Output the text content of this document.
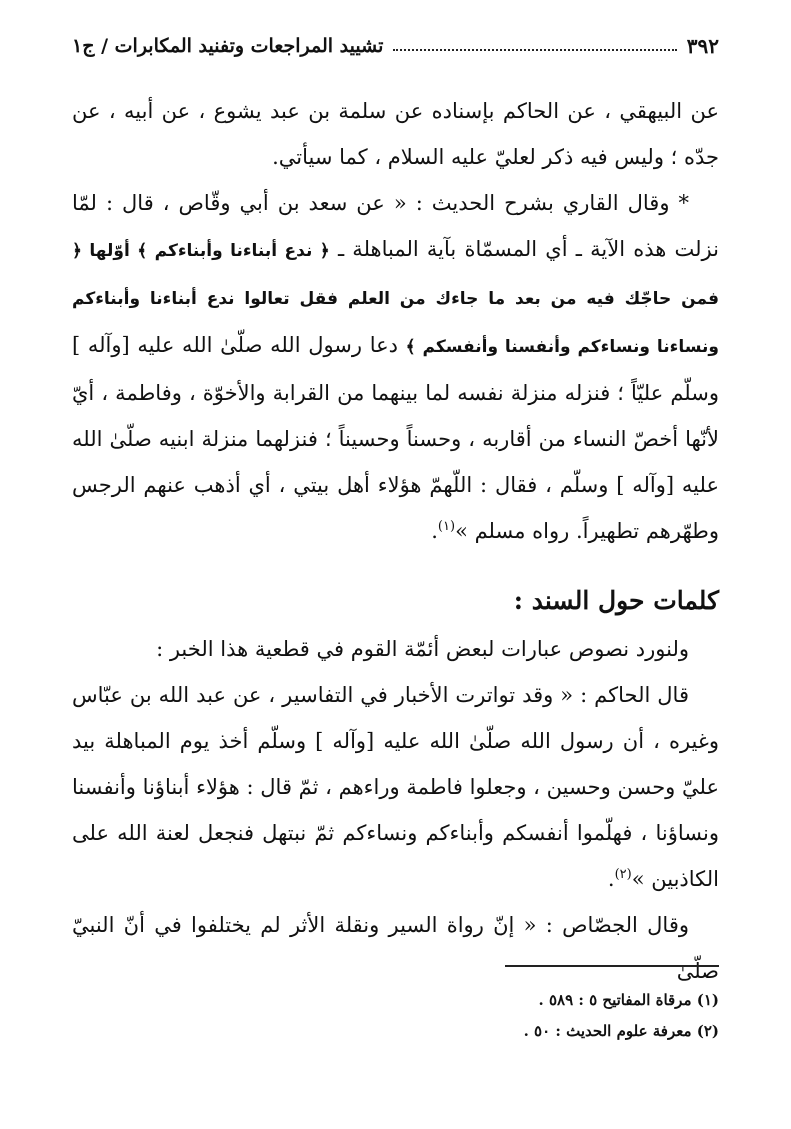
٣٩٢
تشييد المراجعات وتفنيد المكابرات / ج١

عن البيهقي ، عن الحاكم بإسناده عن سلمة بن عبد يشوع ، عن أبيه ، عن جدّه ؛ وليس فيه ذكر لعليّ عليه السلام ، كما سيأتي.

* وقال القاري بشرح الحديث : « عن سعد بن أبي وقّاص ، قال : لمّا نزلت هذه الآية ـ أي المسمّاة بآية المباهلة ـ ﴿ ندع أبناءنا وأبناءكم ﴾ أوّلها ﴿ فمن حاجّك فيه من بعد ما جاءك من العلم فقل تعالوا ندع أبناءنا وأبناءكم ونساءنا ونساءكم وأنفسنا وأنفسكم ﴾ دعا رسول الله صلّىٰ الله عليه [وآله ] وسلّم عليّاً ؛ فنزله منزلة نفسه لما بينهما من القرابة والأخوّة ، وفاطمة ، أيّ لأنّها أخصّ النساء من أقاربه ، وحسناً وحسيناً ؛ فنزلهما منزلة ابنيه صلّىٰ الله عليه [وآله ] وسلّم ، فقال : اللّهمّ هؤلاء أهل بيتي ، أي أذهب عنهم الرجس وطهّرهم تطهيراً. رواه مسلم »$^{(١)}$.

كلمات حول السند :

ولنورد نصوص عبارات لبعض أئمّة القوم في قطعية هذا الخبر :

قال الحاكم : « وقد تواترت الأخبار في التفاسير ، عن عبد الله بن عبّاس وغيره ، أن رسول الله صلّىٰ الله عليه [وآله ] وسلّم أخذ يوم المباهلة بيد عليّ وحسن وحسين ، وجعلوا فاطمة وراءهم ، ثمّ قال : هؤلاء أبناؤنا وأنفسنا ونساؤنا ، فهلّموا أنفسكم وأبناءكم ونساءكم ثمّ نبتهل فنجعل لعنة الله على الكاذبين »$^{(٢)}$.

وقال الجصّاص : « إنّ رواة السير ونقلة الأثر لم يختلفوا في أنّ النبيّ صلّىٰ

(١) مرقاة المفاتيح ٥ : ٥٨٩ .
(٢) معرفة علوم الحديث : ٥٠ .
